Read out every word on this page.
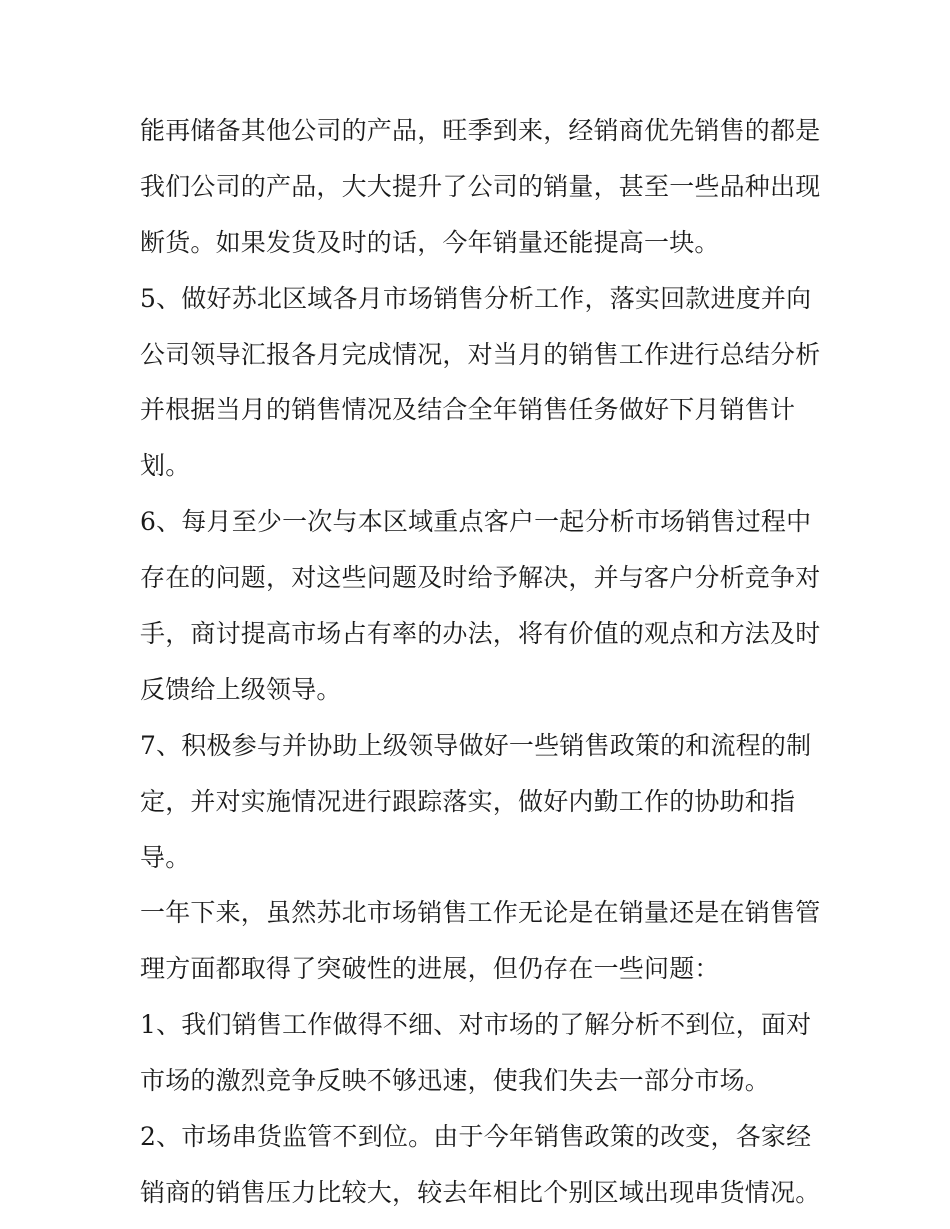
能再储备其他公司的产品，旺季到来，经销商优先销售的都是
我们公司的产品，大大提升了公司的销量，甚至一些品种出现
断货。如果发货及时的话，今年销量还能提高一块。
5、做好苏北区域各月市场销售分析工作，落实回款进度并向
公司领导汇报各月完成情况，对当月的销售工作进行总结分析
并根据当月的销售情况及结合全年销售任务做好下月销售计
划。
6、每月至少一次与本区域重点客户一起分析市场销售过程中
存在的问题，对这些问题及时给予解决，并与客户分析竞争对
手，商讨提高市场占有率的办法，将有价值的观点和方法及时
反馈给上级领导。
7、积极参与并协助上级领导做好一些销售政策的和流程的制
定，并对实施情况进行跟踪落实，做好内勤工作的协助和指
导。
一年下来，虽然苏北市场销售工作无论是在销量还是在销售管
理方面都取得了突破性的进展，但仍存在一些问题：
1、我们销售工作做得不细、对市场的了解分析不到位，面对
市场的激烈竞争反映不够迅速，使我们失去一部分市场。
2、市场串货监管不到位。由于今年销售政策的改变，各家经
销商的销售压力比较大，较去年相比个别区域出现串货情况。
